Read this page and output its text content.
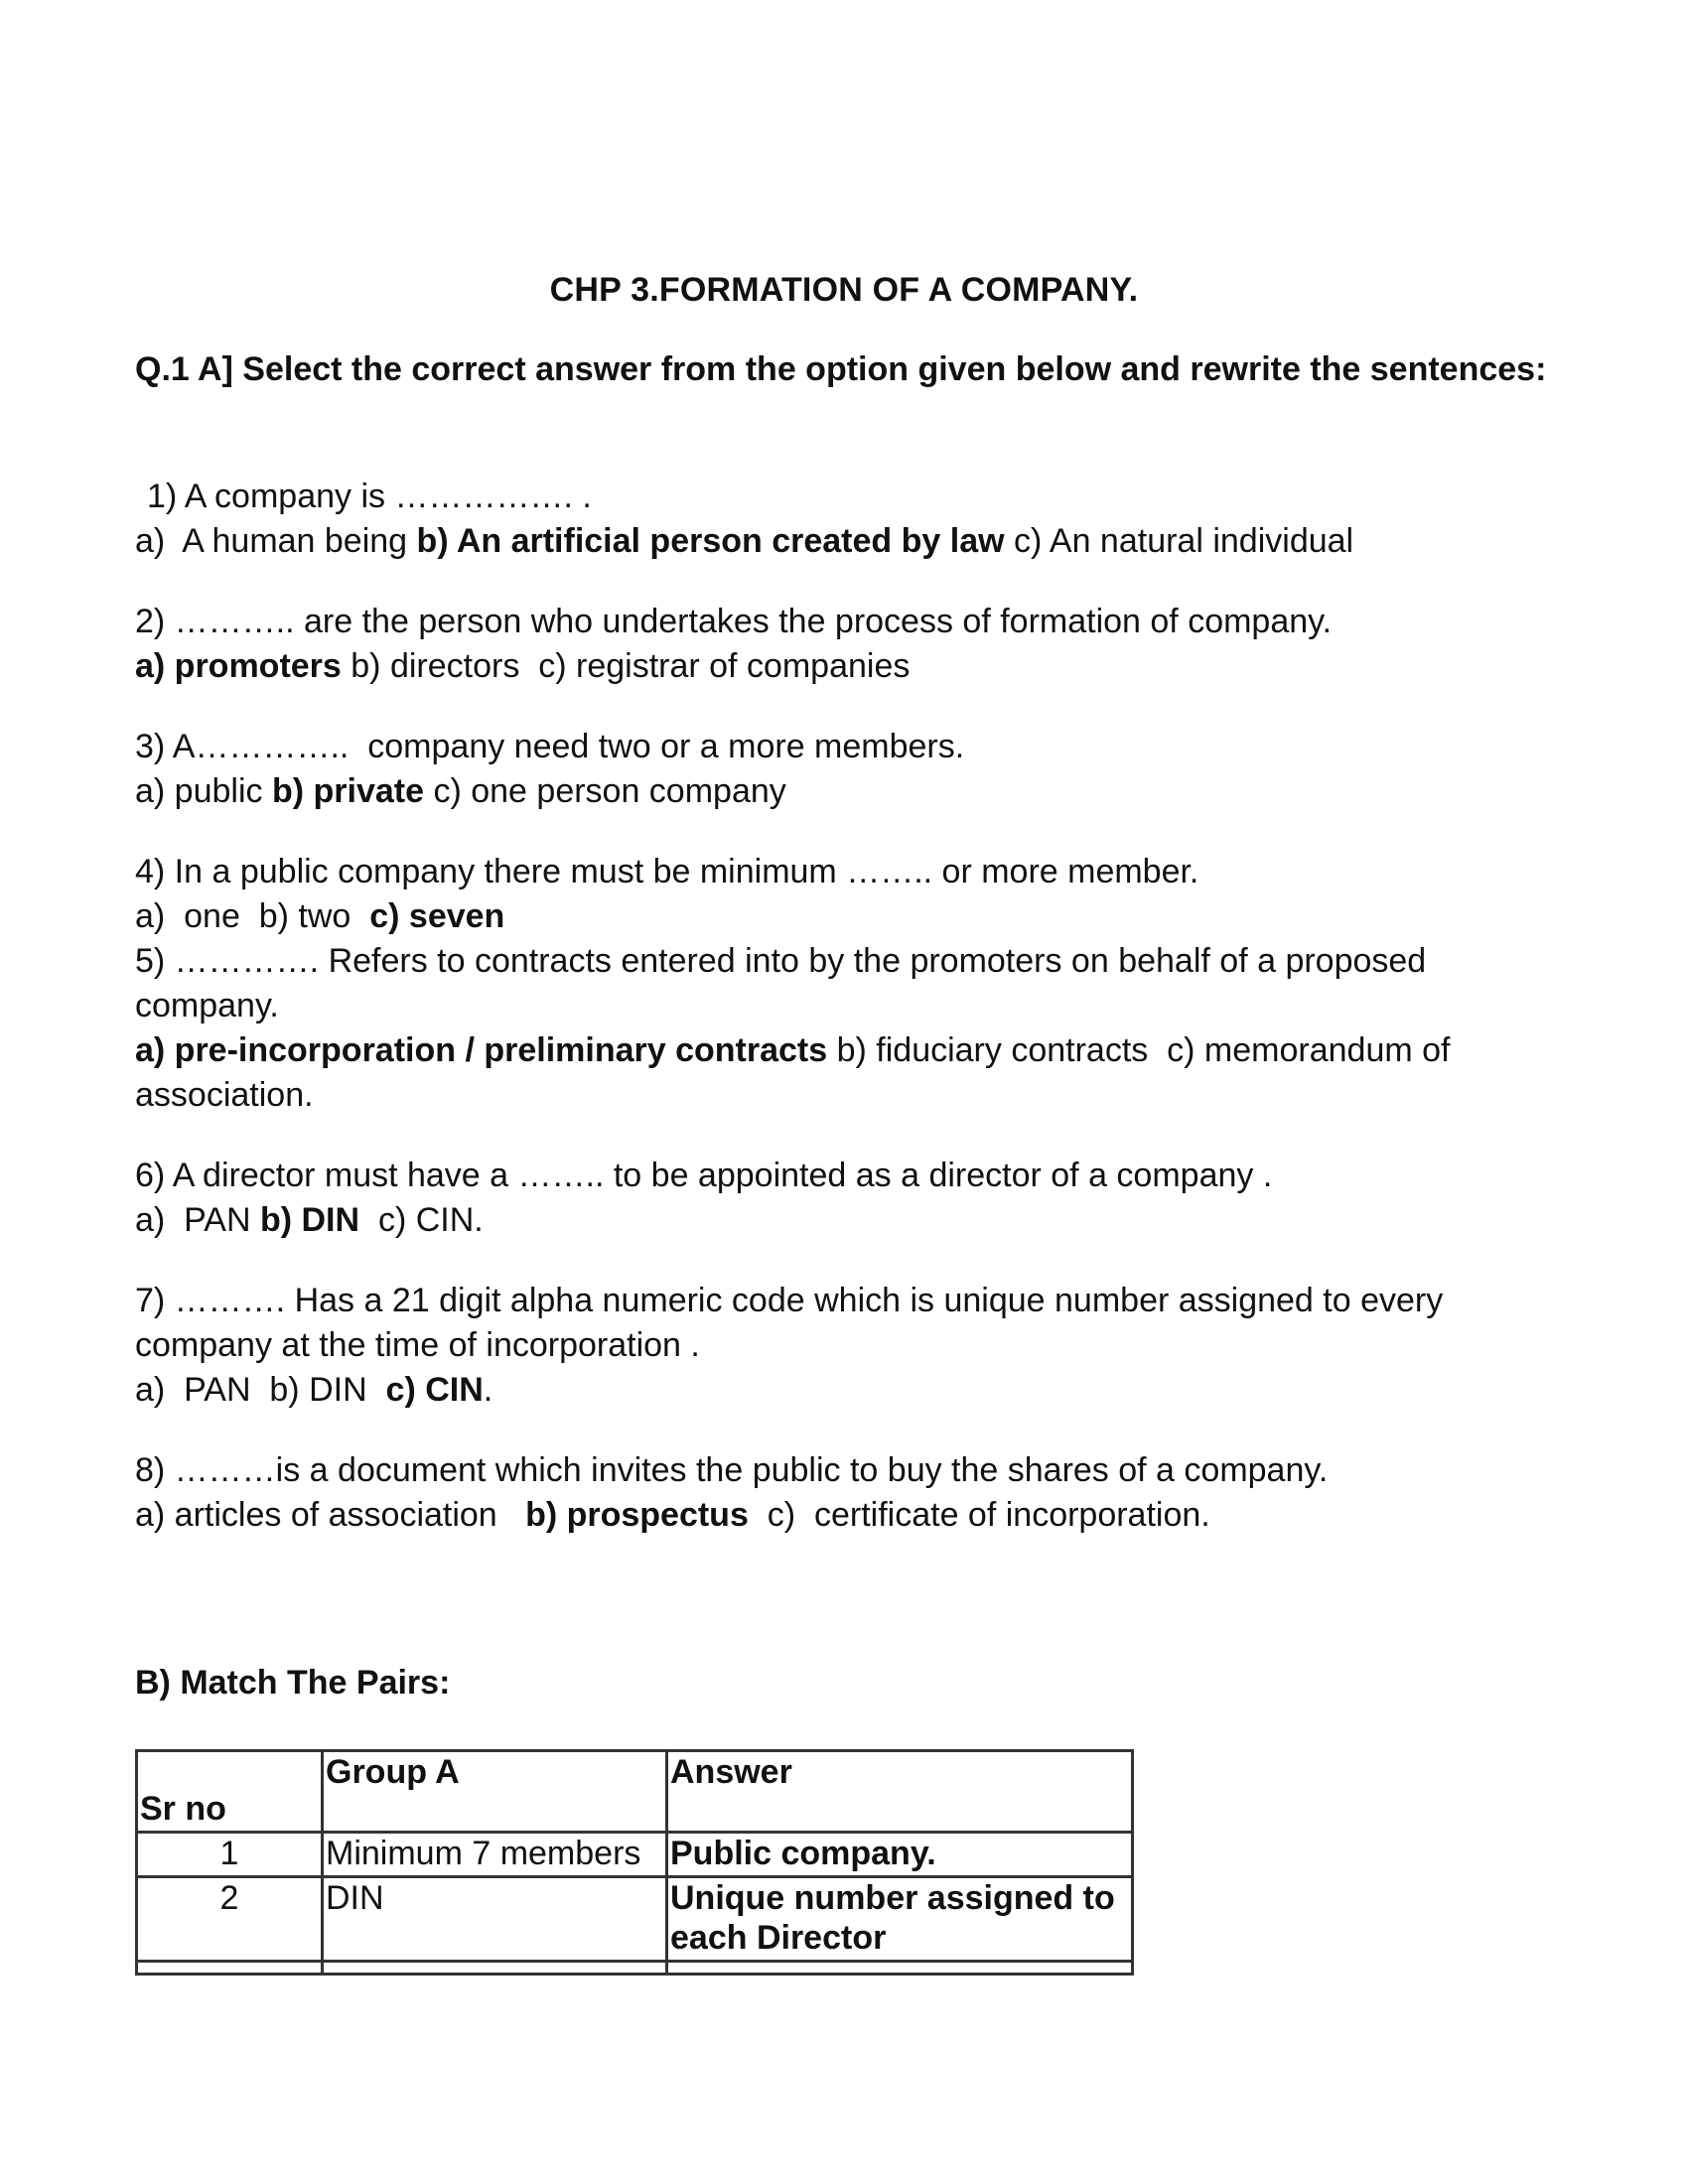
CHP 3.FORMATION OF A COMPANY.
Q.1 A] Select the correct answer from the option given below and rewrite the sentences:
1) A company is ……………. .
a)  A human being b) An artificial person created by law c) An natural individual
2) ……….. are the person who undertakes the process of formation of company.
a) promoters b) directors  c) registrar of companies
3) A…………..  company need two or a more members.
a) public b) private c) one person company
4) In a public company there must be minimum …….. or more member.
a)  one  b) two  c) seven
5) …………. Refers to contracts entered into by the promoters on behalf of a proposed company.
a) pre-incorporation / preliminary contracts b) fiduciary contracts  c) memorandum of association.
6) A director must have a …….. to be appointed as a director of a company .
a)  PAN b) DIN  c) CIN.
7) ………. Has a 21 digit alpha numeric code which is unique number assigned to every company at the time of incorporation .
a)  PAN  b) DIN  c) CIN.
8) ………is a document which invites the public to buy the shares of a company.
a) articles of association   b) prospectus  c)  certificate of incorporation.
B) Match The Pairs:
Sr no	Group A	Answer
1	Minimum 7 members	Public company.
2	DIN	Unique number assigned to each Director
